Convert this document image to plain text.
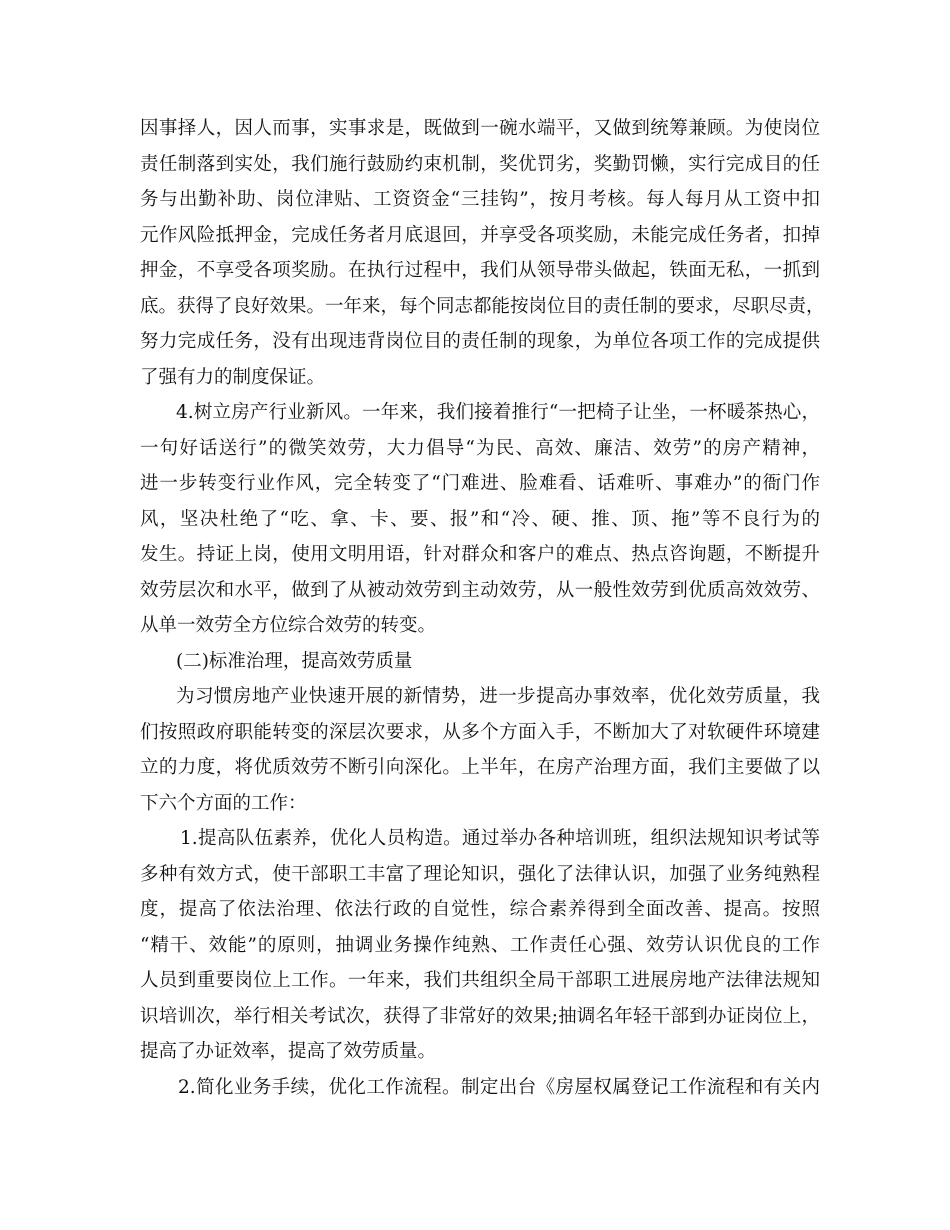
因事择人，因人而事，实事求是，既做到一碗水端平，又做到统筹兼顾。为使岗位
责任制落到实处，我们施行鼓励约束机制，奖优罚劣，奖勤罚懒，实行完成目的任
务与出勤补助、岗位津贴、工资资金“三挂钩”，按月考核。每人每月从工资中扣
元作风险抵押金，完成任务者月底退回，并享受各项奖励，未能完成任务者，扣掉
押金，不享受各项奖励。在执行过程中，我们从领导带头做起，铁面无私，一抓到
底。获得了良好效果。一年来，每个同志都能按岗位目的责任制的要求，尽职尽责，
努力完成任务，没有出现违背岗位目的责任制的现象，为单位各项工作的完成提供
了强有力的制度保证。
4.树立房产行业新风。一年来，我们接着推行“一把椅子让坐，一杯暖茶热心，
一句好话送行”的微笑效劳，大力倡导“为民、高效、廉洁、效劳”的房产精神，
进一步转变行业作风，完全转变了“门难进、脸难看、话难听、事难办”的衙门作
风，坚决杜绝了“吃、拿、卡、要、报”和“冷、硬、推、顶、拖”等不良行为的
发生。持证上岗，使用文明用语，针对群众和客户的难点、热点咨询题，不断提升
效劳层次和水平，做到了从被动效劳到主动效劳，从一般性效劳到优质高效效劳、
从单一效劳全方位综合效劳的转变。
(二)标准治理，提高效劳质量
为习惯房地产业快速开展的新情势，进一步提高办事效率，优化效劳质量，我
们按照政府职能转变的深层次要求，从多个方面入手，不断加大了对软硬件环境建
立的力度，将优质效劳不断引向深化。上半年，在房产治理方面，我们主要做了以
下六个方面的工作：
1.提高队伍素养，优化人员构造。通过举办各种培训班，组织法规知识考试等
多种有效方式，使干部职工丰富了理论知识，强化了法律认识，加强了业务纯熟程
度，提高了依法治理、依法行政的自觉性，综合素养得到全面改善、提高。按照
“精干、效能”的原则，抽调业务操作纯熟、工作责任心强、效劳认识优良的工作
人员到重要岗位上工作。一年来，我们共组织全局干部职工进展房地产法律法规知
识培训次，举行相关考试次，获得了非常好的效果;抽调名年轻干部到办证岗位上，
提高了办证效率，提高了效劳质量。
2.简化业务手续，优化工作流程。制定出台《房屋权属登记工作流程和有关内
